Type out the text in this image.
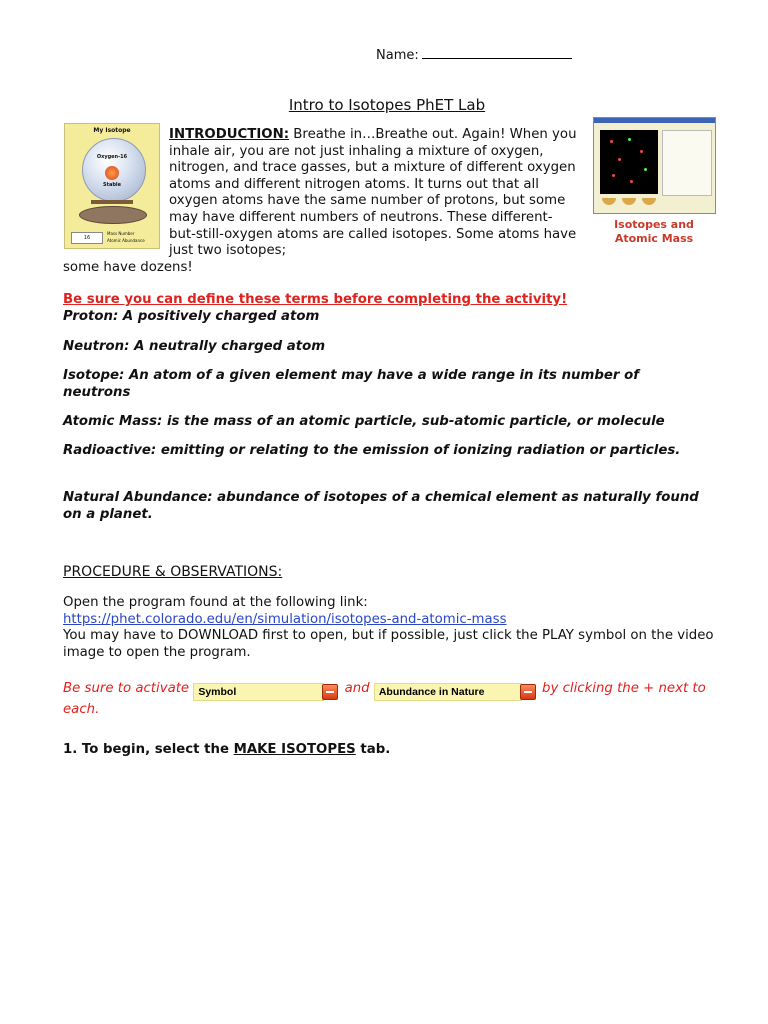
Name:
Intro to Isotopes PhET Lab
My Isotope
Oxygen-16
Stable
16
Mass Number
Atomic Abundance
INTRODUCTION: Breathe in…Breathe out. Again! When you inhale air, you are not just inhaling a mixture of oxygen, nitrogen, and trace gasses, but a mixture of different oxygen atoms and different nitrogen atoms. It turns out that all oxygen atoms have the same number of protons, but some may have different numbers of neutrons. These different-but-still-oxygen atoms are called isotopes. Some atoms have just two isotopes;
some have dozens!
Isotopes and Atomic Mass
Be sure you can define these terms before completing the activity!
Proton: A positively charged atom
Neutron: A neutrally charged atom
Isotope: An atom of a given element may have a wide range in its number of neutrons
Atomic Mass: is the mass of an atomic particle, sub-atomic particle, or molecule
Radioactive: emitting or relating to the emission of ionizing radiation or particles.
Natural Abundance: abundance of isotopes of a chemical element as naturally found on a planet.
PROCEDURE & OBSERVATIONS:
Open the program found at the following link:
https://phet.colorado.edu/en/simulation/isotopes-and-atomic-mass
You may have to DOWNLOAD first to open, but if possible, just click the PLAY symbol on the video image to open the program.
Be sure to activate Symbol	and Abundance in Nature	by clicking the + next to each.
1. To begin, select the MAKE ISOTOPES tab.
